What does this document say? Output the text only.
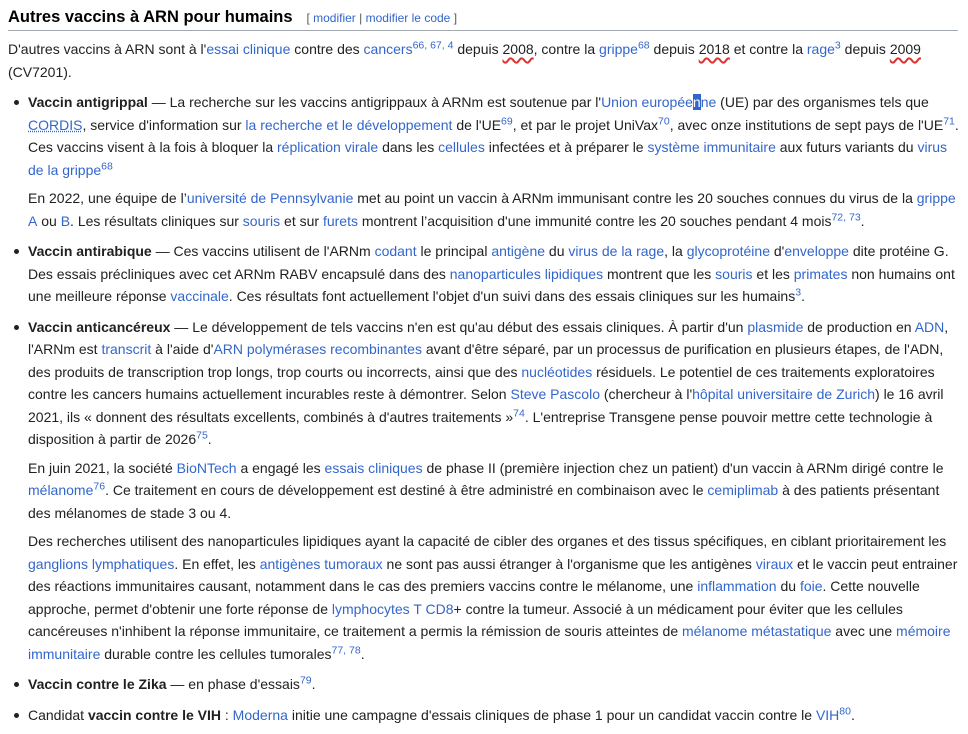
Autres vaccins à ARN pour humains [ modifier | modifier le code ]

D'autres vaccins à ARN sont à l'essai clinique contre des cancers$^{66, 67, 4}$ depuis 2008, contre la grippe$^{68}$ depuis 2018 et contre la rage$^3$ depuis 2009 (CV7201).

Vaccin antigrippal — La recherche sur les vaccins antigrippaux à ARNm est soutenue par l'Union européenne (UE) par des organismes tels que CORDIS, service d'information sur la recherche et le développement de l'UE$^{69}$, et par le projet UniVax$^{70}$, avec onze institutions de sept pays de l'UE$^{71}$. Ces vaccins visent à la fois à bloquer la réplication virale dans les cellules infectées et à préparer le système immunitaire aux futurs variants du virus de la grippe$^{68}$

En 2022, une équipe de l’université de Pennsylvanie met au point un vaccin à ARNm immunisant contre les 20 souches connues du virus de la grippe A ou B. Les résultats cliniques sur souris et sur furets montrent l’acquisition d'une immunité contre les 20 souches pendant 4 mois$^{72, 73}$.

Vaccin antirabique — Ces vaccins utilisent de l'ARNm codant le principal antigène du virus de la rage, la glycoprotéine d'enveloppe dite protéine G. Des essais précliniques avec cet ARNm RABV encapsulé dans des nanoparticules lipidiques montrent que les souris et les primates non humains ont une meilleure réponse vaccinale. Ces résultats font actuellement l'objet d'un suivi dans des essais cliniques sur les humains$^3$.
Vaccin anticancéreux — Le développement de tels vaccins n'en est qu'au début des essais cliniques. À partir d'un plasmide de production en ADN, l'ARNm est transcrit à l'aide d'ARN polymérases recombinantes avant d'être séparé, par un processus de purification en plusieurs étapes, de l'ADN, des produits de transcription trop longs, trop courts ou incorrects, ainsi que des nucléotides résiduels. Le potentiel de ces traitements exploratoires contre les cancers humains actuellement incurables reste à démontrer. Selon Steve Pascolo (chercheur à l'hôpital universitaire de Zurich) le 16 avril 2021, ils « donnent des résultats excellents, combinés à d'autres traitements »$^{74}$. L'entreprise Transgene pense pouvoir mettre cette technologie à disposition à partir de 2026$^{75}$.

En juin 2021, la société BioNTech a engagé les essais cliniques de phase II (première injection chez un patient) d'un vaccin à ARNm dirigé contre le mélanome$^{76}$. Ce traitement en cours de développement est destiné à être administré en combinaison avec le cemiplimab à des patients présentant des mélanomes de stade 3 ou 4.

Des recherches utilisent des nanoparticules lipidiques ayant la capacité de cibler des organes et des tissus spécifiques, en ciblant prioritairement les ganglions lymphatiques. En effet, les antigènes tumoraux ne sont pas aussi étranger à l'organisme que les antigènes viraux et le vaccin peut entrainer des réactions immunitaires causant, notamment dans le cas des premiers vaccins contre le mélanome, une inflammation du foie. Cette nouvelle approche, permet d'obtenir une forte réponse de lymphocytes T CD8+ contre la tumeur. Associé à un médicament pour éviter que les cellules cancéreuses n'inhibent la réponse immunitaire, ce traitement a permis la rémission de souris atteintes de mélanome métastatique avec une mémoire immunitaire durable contre les cellules tumorales$^{77, 78}$.

Vaccin contre le Zika — en phase d'essais$^{79}$.
Candidat vaccin contre le VIH : Moderna initie une campagne d'essais cliniques de phase 1 pour un candidat vaccin contre le VIH$^{80}$.
